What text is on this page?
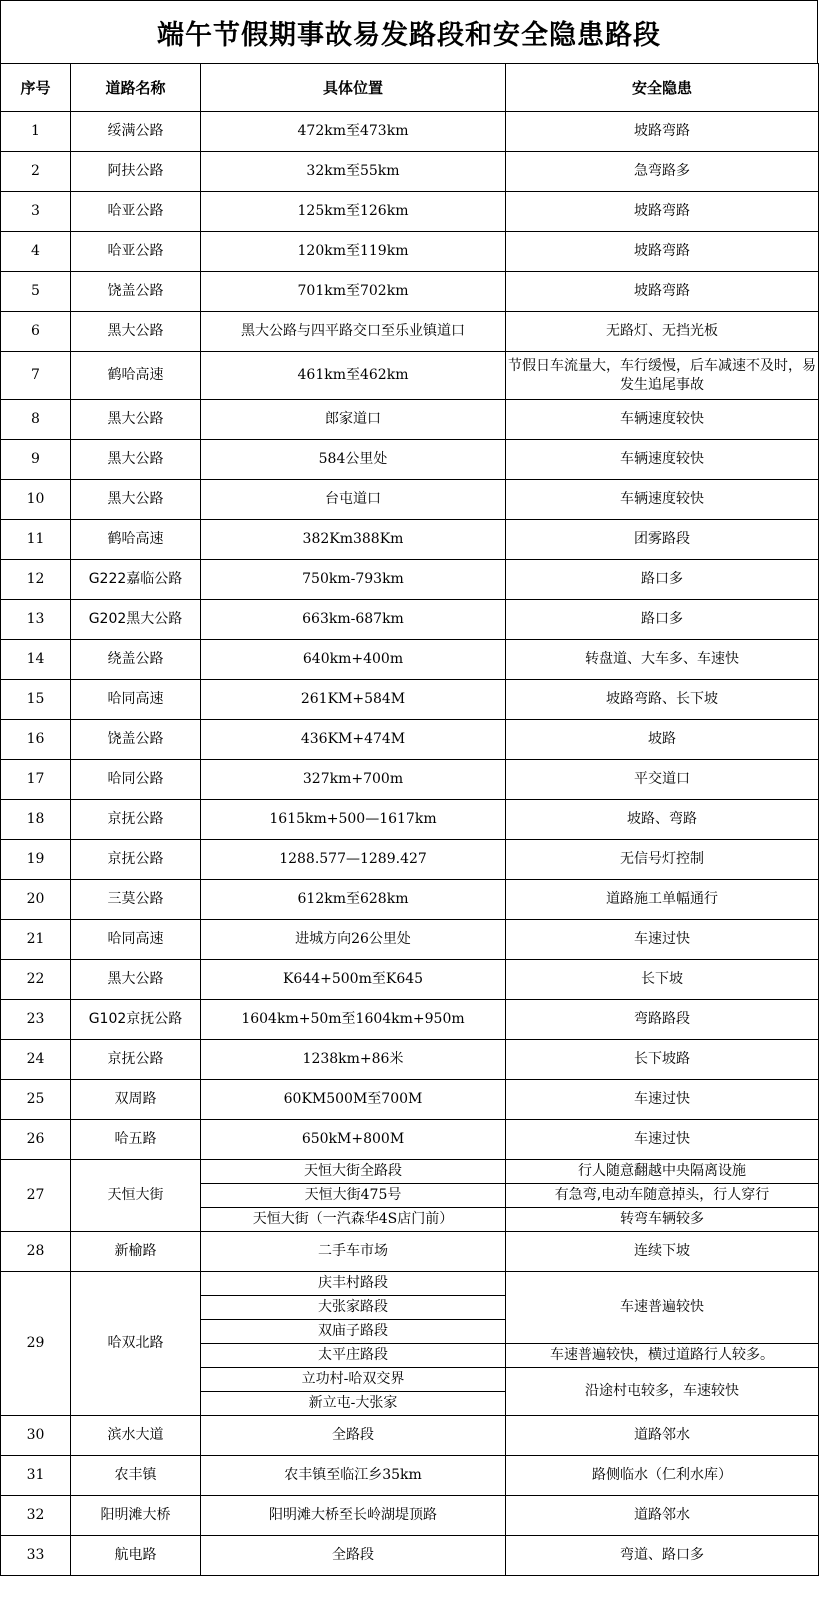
端午节假期事故易发路段和安全隐患路段
序号	道路名称	具体位置	安全隐患
1	绥满公路	472km至473km	坡路弯路
2	阿扶公路	32km至55km	急弯路多
3	哈亚公路	125km至126km	坡路弯路
4	哈亚公路	120km至119km	坡路弯路
5	饶盖公路	701km至702km	坡路弯路
6	黑大公路	黑大公路与四平路交口至乐业镇道口	无路灯、无挡光板
7	鹤哈高速	461km至462km	节假日车流量大，车行缓慢，后车减速不及时，易发生追尾事故
8	黑大公路	郎家道口	车辆速度较快
9	黑大公路	584公里处	车辆速度较快
10	黑大公路	台屯道口	车辆速度较快
11	鹤哈高速	382Km388Km	团雾路段
12	G222嘉临公路	750km-793km	路口多
13	G202黑大公路	663km-687km	路口多
14	绕盖公路	640km+400m	转盘道、大车多、车速快
15	哈同高速	261KM+584M	坡路弯路、长下坡
16	饶盖公路	436KM+474M	坡路
17	哈同公路	327km+700m	平交道口
18	京抚公路	1615km+500—1617km	坡路、弯路
19	京抚公路	1288.577—1289.427	无信号灯控制
20	三莫公路	612km至628km	道路施工单幅通行
21	哈同高速	进城方向26公里处	车速过快
22	黑大公路	K644+500m至K645	长下坡
23	G102京抚公路	1604km+50m至1604km+950m	弯路路段
24	京抚公路	1238km+86米	长下坡路
25	双周路	60KM500M至700M	车速过快
26	哈五路	650kM+800M	车速过快
27	天恒大街	天恒大街全路段	行人随意翻越中央隔离设施
		天恒大街475号	有急弯,电动车随意掉头，行人穿行
		天恒大街（一汽森华4S店门前）	转弯车辆较多
28	新榆路	二手车市场	连续下坡
29	哈双北路	庆丰村路段	车速普遍较快
		大张家路段	
		双庙子路段	
		太平庄路段	车速普遍较快，横过道路行人较多。
		立功村-哈双交界	沿途村屯较多，车速较快
		新立屯-大张家	
30	滨水大道	全路段	道路邻水
31	农丰镇	农丰镇至临江乡35km	路侧临水（仁利水库）
32	阳明滩大桥	阳明滩大桥至长岭湖堤顶路	道路邻水
33	航电路	全路段	弯道、路口多
